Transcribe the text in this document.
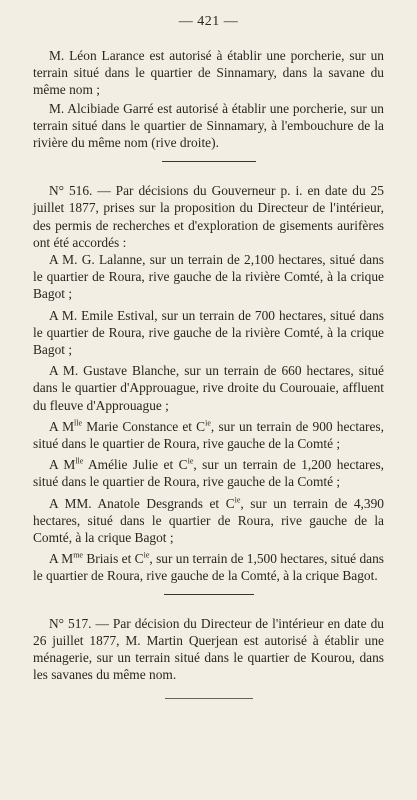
— 421 —

M. Léon Larance est autorisé à établir une porcherie, sur un terrain situé dans le quartier de Sinnamary, dans la savane du même nom ;

M. Alcibiade Garré est autorisé à établir une porcherie, sur un terrain situé dans le quartier de Sinnamary, à l'embouchure de la rivière du même nom (rive droite).

N° 516. — Par décisions du Gouverneur p. i. en date du 25 juillet 1877, prises sur la proposition du Directeur de l'intérieur, des permis de recherches et d'exploration de gisements aurifères ont été accordés :

A M. G. Lalanne, sur un terrain de 2,100 hectares, situé dans le quartier de Roura, rive gauche de la rivière Comté, à la crique Bagot ;

A M. Emile Estival, sur un terrain de 700 hectares, situé dans le quartier de Roura, rive gauche de la rivière Comté, à la crique Bagot ;

A M. Gustave Blanche, sur un terrain de 660 hectares, situé dans le quartier d'Approuague, rive droite du Courouaie, affluent du fleuve d'Approuague ;

A $M^{lle}$ Marie Constance et $C^{ie}$, sur un terrain de 900 hectares, situé dans le quartier de Roura, rive gauche de la Comté ;

A $M^{lle}$ Amélie Julie et $C^{ie}$, sur un terrain de 1,200 hectares, situé dans le quartier de Roura, rive gauche de la Comté ;

A MM. Anatole Desgrands et $C^{ie}$, sur un terrain de 4,390 hectares, situé dans le quartier de Roura, rive gauche de la Comté, à la crique Bagot ;

A $M^{me}$ Briais et $C^{ie}$, sur un terrain de 1,500 hectares, situé dans le quartier de Roura, rive gauche de la Comté, à la crique Bagot.

N° 517. — Par décision du Directeur de l'intérieur en date du 26 juillet 1877, M. Martin Querjean est autorisé à établir une ménagerie, sur un terrain situé dans le quartier de Kourou, dans les savanes du même nom.
